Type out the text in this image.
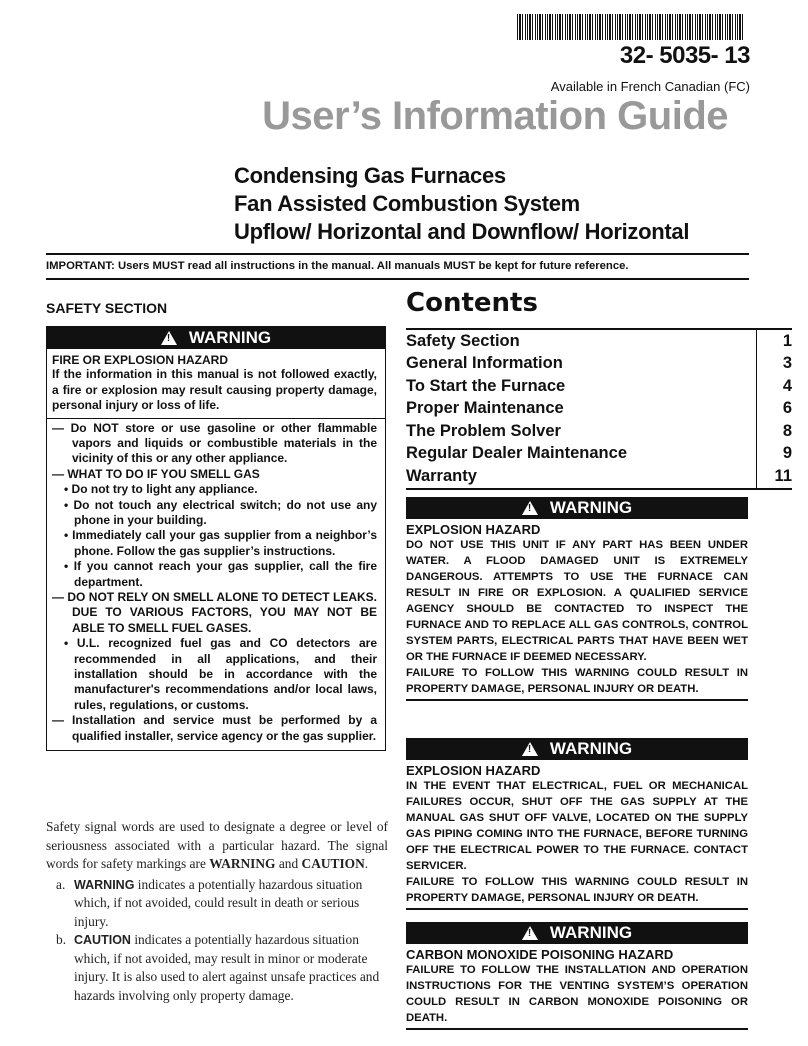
32- 5035- 13
Available in French Canadian (FC)
User’s Information Guide
Condensing Gas Furnaces
Fan Assisted Combustion System
Upflow/ Horizontal and Downflow/ Horizontal
IMPORTANT: Users MUST read all instructions in the manual. All manuals MUST be kept for future reference.
SAFETY SECTION
!
WARNING
FIRE OR EXPLOSION HAZARD
If the information in this manual is not followed exactly, a fire or explosion may result causing property damage, personal injury or loss of life.
— Do NOT store or use gasoline or other flammable vapors and liquids or combustible materials in the vicinity of this or any other appliance.
— WHAT TO DO IF YOU SMELL GAS
• Do not try to light any appliance.
• Do not touch any electrical switch; do not use any phone in your building.
• Immediately call your gas supplier from a neighbor’s phone. Follow the gas supplier’s instructions.
• If you cannot reach your gas supplier, call the fire department.
— DO NOT RELY ON SMELL ALONE TO DETECT LEAKS. DUE TO VARIOUS FACTORS, YOU MAY NOT BE ABLE TO SMELL FUEL GASES.
• U.L. recognized fuel gas and CO detectors are recommended in all applications, and their installation should be in accordance with the manufacturer's recommendations and/or local laws, rules, regulations, or customs.
— Installation and service must be performed by a qualified installer, service agency or the gas supplier.

Safety signal words are used to designate a degree or level of seriousness associated with a particular hazard. The signal words for safety markings are WARNING and CAUTION.

a. WARNING indicates a potentially hazardous situation which, if not avoided, could result in death or serious injury.
b. CAUTION indicates a potentially hazardous situation which, if not avoided, may result in minor or moderate injury. It is also used to alert against unsafe practices and hazards involving only property damage.
Contents
Safety Section	1
General Information	3
To Start the Furnace	4
Proper Maintenance	6
The Problem Solver	8
Regular Dealer Maintenance	9
Warranty	11
!
WARNING
EXPLOSION HAZARD
DO NOT USE THIS UNIT IF ANY PART HAS BEEN UNDER WATER. A FLOOD DAMAGED UNIT IS EXTREMELY DANGEROUS. ATTEMPTS TO USE THE FURNACE CAN RESULT IN FIRE OR EXPLOSION. A QUALIFIED SERVICE AGENCY SHOULD BE CONTACTED TO INSPECT THE FURNACE AND TO REPLACE ALL GAS CONTROLS, CONTROL SYSTEM PARTS, ELECTRICAL PARTS THAT HAVE BEEN WET OR THE FURNACE IF DEEMED NECESSARY.
FAILURE TO FOLLOW THIS WARNING COULD RESULT IN PROPERTY DAMAGE, PERSONAL INJURY OR DEATH.
!
WARNING
EXPLOSION HAZARD
IN THE EVENT THAT ELECTRICAL, FUEL OR MECHANICAL FAILURES OCCUR, SHUT OFF THE GAS SUPPLY AT THE MANUAL GAS SHUT OFF VALVE, LOCATED ON THE SUPPLY GAS PIPING COMING INTO THE FURNACE, BEFORE TURNING OFF THE ELECTRICAL POWER TO THE FURNACE. CONTACT SERVICER.
FAILURE TO FOLLOW THIS WARNING COULD RESULT IN PROPERTY DAMAGE, PERSONAL INJURY OR DEATH.
!
WARNING
CARBON MONOXIDE POISONING HAZARD
FAILURE TO FOLLOW THE INSTALLATION AND OPERATION INSTRUCTIONS FOR THE VENTING SYSTEM’S OPERATION COULD RESULT IN CARBON MONOXIDE POISONING OR DEATH.
